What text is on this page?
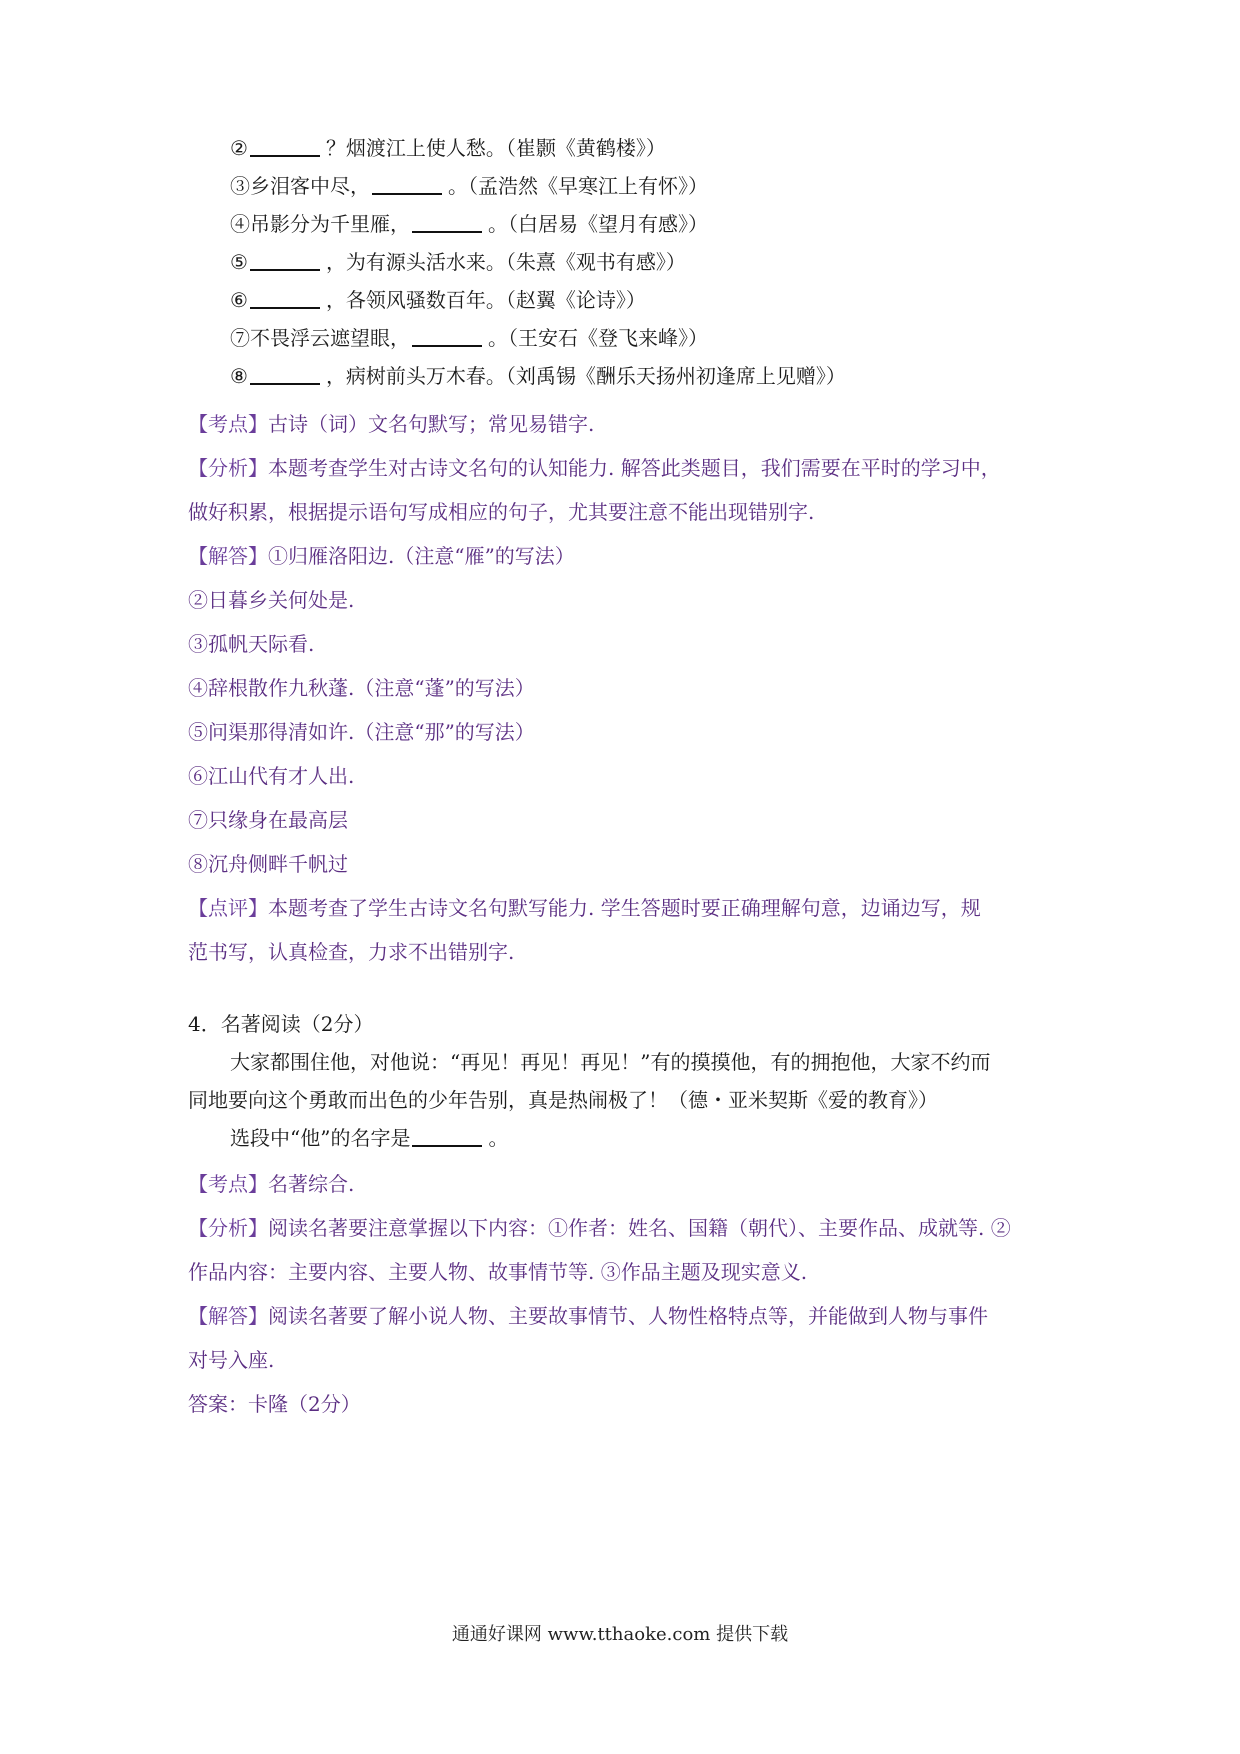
②	？烟渡江上使人愁。（崔颢《黄鹤楼》）
③乡泪客中尽，	。（孟浩然《早寒江上有怀》）
④吊影分为千里雁，	。（白居易《望月有感》）
⑤	，为有源头活水来。（朱熹《观书有感》）
⑥	，各领风骚数百年。（赵翼《论诗》）
⑦不畏浮云遮望眼，	。（王安石《登飞来峰》）
⑧	，病树前头万木春。（刘禹锡《酬乐天扬州初逢席上见赠》）
【考点】古诗（词）文名句默写；常见易错字.
【分析】本题考查学生对古诗文名句的认知能力. 解答此类题目，我们需要在平时的学习中，
做好积累，根据提示语句写成相应的句子，尤其要注意不能出现错别字.
【解答】①归雁洛阳边.（注意“雁”的写法）
②日暮乡关何处是.
③孤帆天际看.
④辞根散作九秋蓬.（注意“蓬”的写法）
⑤问渠那得清如许.（注意“那”的写法）
⑥江山代有才人出.
⑦只缘身在最高层
⑧沉舟侧畔千帆过
【点评】本题考查了学生古诗文名句默写能力. 学生答题时要正确理解句意，边诵边写，规
范书写，认真检查，力求不出错别字.
4．名著阅读（2分）
大家都围住他，对他说：“再见！再见！再见！”有的摸摸他，有的拥抱他，大家不约而
同地要向这个勇敢而出色的少年告别，真是热闹极了！（德・亚米契斯《爱的教育》）
选段中“他”的名字是	。
【考点】名著综合.
【分析】阅读名著要注意掌握以下内容：①作者：姓名、国籍（朝代）、主要作品、成就等. ②
作品内容：主要内容、主要人物、故事情节等. ③作品主题及现实意义.
【解答】阅读名著要了解小说人物、主要故事情节、人物性格特点等，并能做到人物与事件
对号入座.
答案：卡隆（2分）
通通好课网 www.tthaoke.com 提供下载
